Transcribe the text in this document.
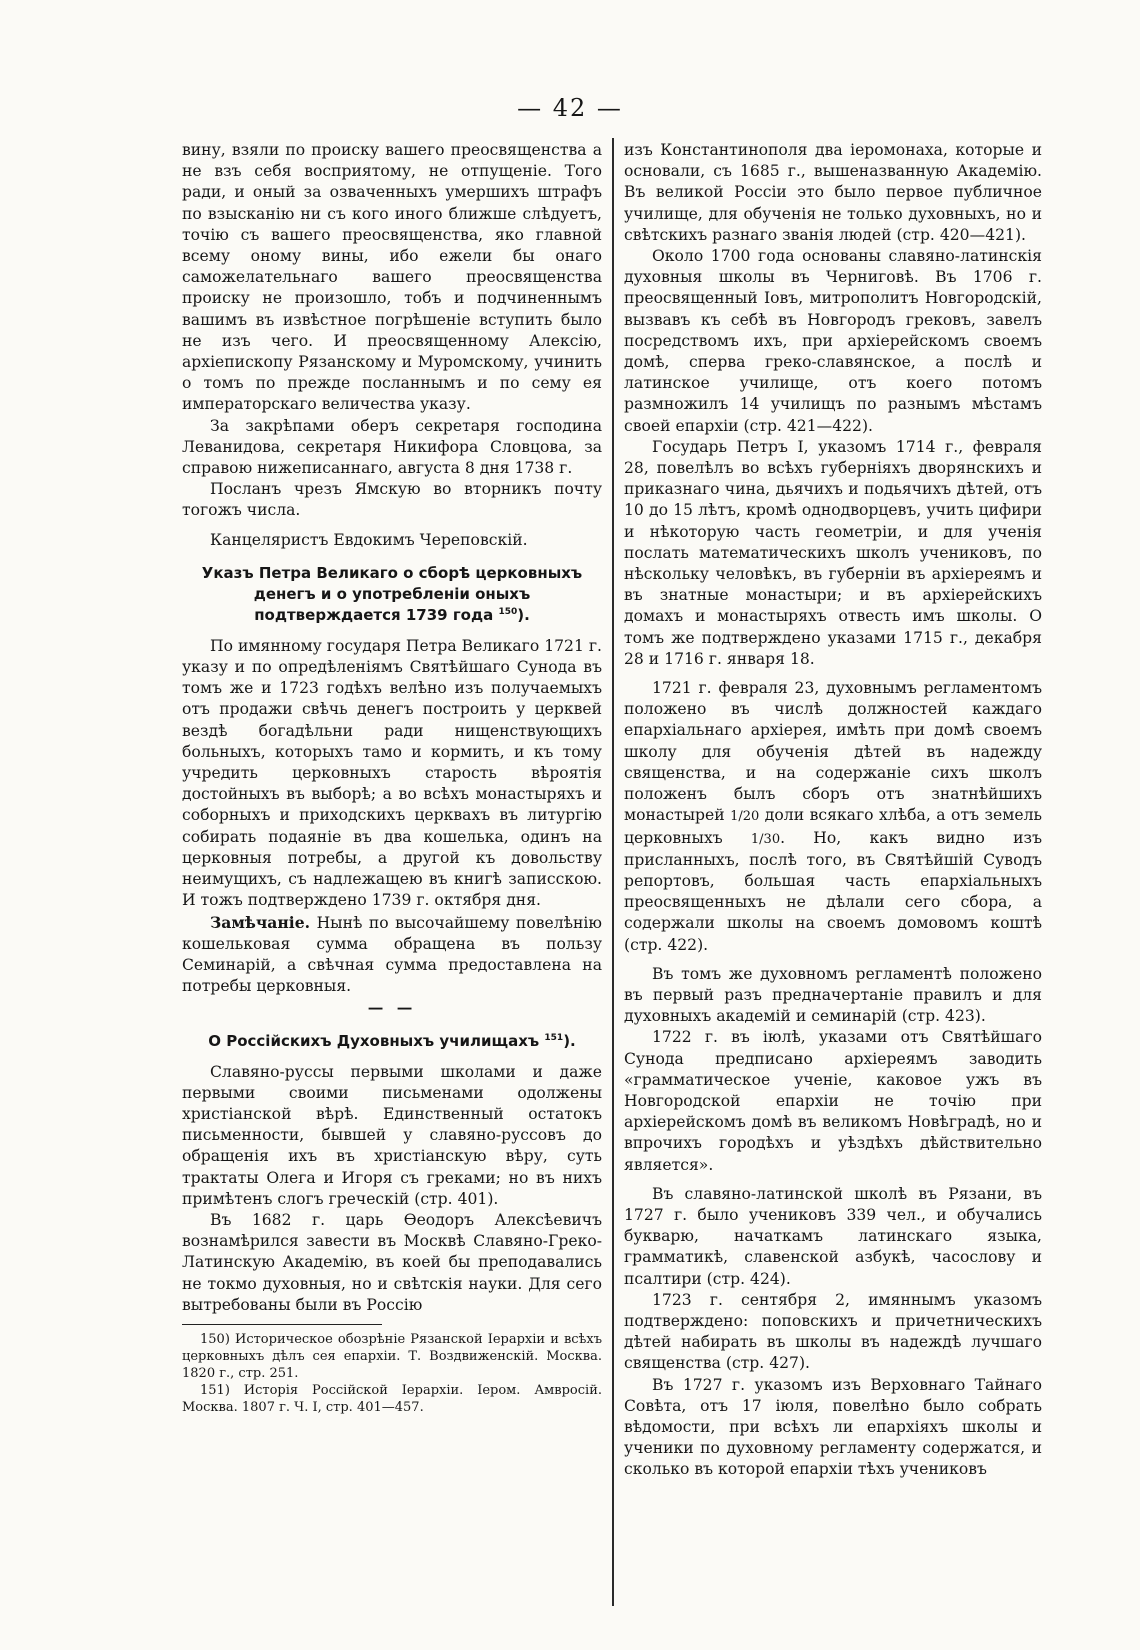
— 42 —

вину, взяли по происку вашего преосвященства а не взъ себя восприятому, не отпущеніе. Того ради, и оный за озваченныхъ умершихъ штрафъ по взысканію ни съ кого иного ближше слѣдуетъ, точію съ вашего преосвященства, яко главной всему оному вины, ибо ежели бы онаго саможелательнаго вашего преосвященства происку не произошло, тобъ и подчиненнымъ вашимъ въ извѣстное погрѣшеніе вступить было не изъ чего. И преосвященному Алексію, архіепископу Рязанскому и Муромскому, учинить о томъ по прежде посланнымъ и по сему ея императорскаго величества указу.

За закрѣпами оберъ секретаря господина Леванидова, секретаря Никифора Словцова, за справою нижеписаннаго, августа 8 дня 1738 г.

Посланъ чрезъ Ямскую во вторникъ почту тогожъ числа.

Канцеляристъ Евдокимъ Череповскій.

Указъ Петра Великаго о сборѣ церковныхъ денегъ и о употребленіи оныхъ подтверждается 1739 года $^{150}$).

По имянному государя Петра Великаго 1721 г. указу и по опредѣленіямъ Святѣйшаго Сунода въ томъ же и 1723 годѣхъ велѣно изъ получаемыхъ отъ продажи свѣчь денегъ построить у церквей вездѣ богадѣльни ради нищенствующихъ больныхъ, которыхъ тамо и кормить, и къ тому учредить церковныхъ старость вѣроятія достойныхъ въ выборѣ; а во всѣхъ монастыряхъ и соборныхъ и приходскихъ церквахъ въ литургію собирать подаяніе въ два кошелька, одинъ на церковныя потребы, а другой къ довольству неимущихъ, съ надлежащею въ книгѣ записскою. И тожъ подтверждено 1739 г. октября дня.

Замѣчаніе. Нынѣ по высочайшему повелѣнію кошельковая сумма обращена въ пользу Семинарій, а свѣчная сумма предоставлена на потребы церковныя.

— —

О Россійскихъ Духовныхъ училищахъ $^{151}$).

Славяно-руссы первыми школами и даже первыми своими письменами одолжены христіанской вѣрѣ. Единственный остатокъ письменности, бывшей у славяно-руссовъ до обращенія ихъ въ христіанскую вѣру, суть трактаты Олега и Игоря съ греками; но въ нихъ примѣтенъ слогъ греческій (стр. 401).

Въ 1682 г. царь Ѳеодоръ Алексѣевичъ вознамѣрился завести въ Москвѣ Славяно-Греко-Латинскую Академію, въ коей бы преподавались не токмо духовныя, но и свѣтскія науки. Для сего вытребованы были въ Россію

150) Историческое обозрѣніе Рязанской Іерархіи и всѣхъ церковныхъ дѣлъ сея епархіи. Т. Воздвиженскій. Москва. 1820 г., стр. 251.

151) Исторія Россійской Іерархіи. Іером. Амвросій. Москва. 1807 г. Ч. I, стр. 401—457.

изъ Константинополя два іеромонаха, которые и основали, съ 1685 г., вышеназванную Академію. Въ великой Россіи это было первое публичное училище, для обученія не только духовныхъ, но и свѣтскихъ разнаго званія людей (стр. 420—421).

Около 1700 года основаны славяно-латинскія духовныя школы въ Черниговѣ. Въ 1706 г. преосвященный Іовъ, митрополитъ Новгородскій, вызвавъ къ себѣ въ Новгородъ грековъ, завелъ посредствомъ ихъ, при архіерейскомъ своемъ домѣ, сперва греко-славянское, а послѣ и латинское училище, отъ коего потомъ размножилъ 14 училищъ по разнымъ мѣстамъ своей епархіи (стр. 421—422).

Государь Петръ I, указомъ 1714 г., февраля 28, повелѣлъ во всѣхъ губерніяхъ дворянскихъ и приказнаго чина, дьячихъ и подьячихъ дѣтей, отъ 10 до 15 лѣтъ, кромѣ однодворцевъ, учить цифири и нѣкоторую часть геометріи, и для ученія послать математическихъ школъ учениковъ, по нѣскольку человѣкъ, въ губерніи въ архіереямъ и въ знатные монастыри; и въ архіерейскихъ домахъ и монастыряхъ отвесть имъ школы. О томъ же подтверждено указами 1715 г., декабря 28 и 1716 г. января 18.

1721 г. февраля 23, духовнымъ регламентомъ положено въ числѣ должностей каждаго епархіальнаго архіерея, имѣть при домѣ своемъ школу для обученія дѣтей въ надежду священства, и на содержаніе сихъ школъ положенъ былъ сборъ отъ знатнѣйшихъ монастырей 1/20 доли всякаго хлѣба, а отъ земель церковныхъ 1/30. Но, какъ видно изъ присланныхъ, послѣ того, въ Святѣйшій Суводъ репортовъ, большая часть епархіальныхъ преосвященныхъ не дѣлали сего сбора, а содержали школы на своемъ домовомъ коштѣ (стр. 422).

Въ томъ же духовномъ регламентѣ положено въ первый разъ предначертаніе правилъ и для духовныхъ академій и семинарій (стр. 423).

1722 г. въ іюлѣ, указами отъ Святѣйшаго Сунода предписано архіереямъ заводить «грамматическое ученіе, каковое ужъ въ Новгородской епархіи не точію при архіерейскомъ домѣ въ великомъ Новѣградѣ, но и впрочихъ городѣхъ и уѣздѣхъ дѣйствительно является».

Въ славяно-латинской школѣ въ Рязани, въ 1727 г. было учениковъ 339 чел., и обучались букварю, начаткамъ латинскаго языка, грамматикѣ, славенской азбукѣ, часослову и псалтири (стр. 424).

1723 г. сентября 2, имяннымъ указомъ подтверждено: поповскихъ и причетническихъ дѣтей набирать въ школы въ надеждѣ лучшаго священства (стр. 427).

Въ 1727 г. указомъ изъ Верховнаго Тайнаго Совѣта, отъ 17 іюля, повелѣно было собрать вѣдомости, при всѣхъ ли епархіяхъ школы и ученики по духовному регламенту содержатся, и сколько въ которой епархіи тѣхъ учениковъ
